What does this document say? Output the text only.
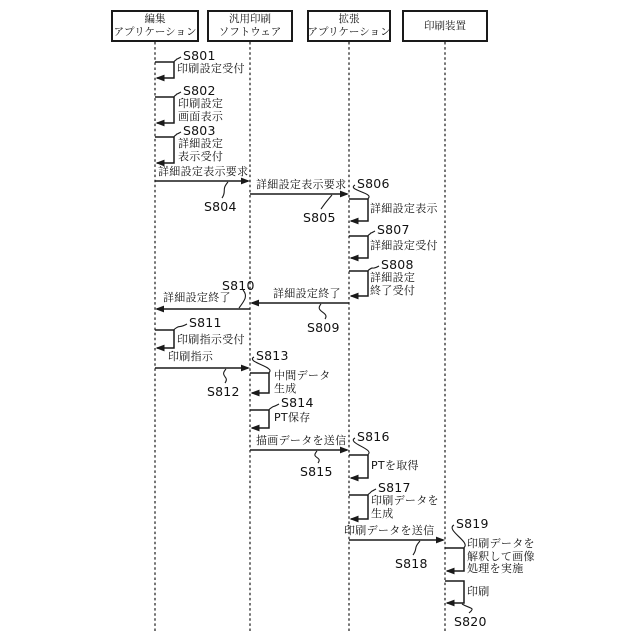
編集
アプリケーション
汎用印刷
ソフトウェア
拡張
アプリケーション
印刷装置
印刷設定受付
S801
印刷設定
画面表示
S802
詳細設定
表示受付
S803
印刷指示受付
S811
中間データ
生成
S813
PT保存
S814
詳細設定表示
S806
詳細設定受付
S807
詳細設定
終了受付
S808
PTを取得
S816
印刷データを
生成
S817
印刷データを
解釈して画像
処理を実施
S819
印刷
S820
詳細設定表示要求
S804
詳細設定表示要求
S805
詳細設定終了
S809
詳細設定終了
S810
印刷指示
S812
描画データを送信
S815
印刷データを送信
S818
